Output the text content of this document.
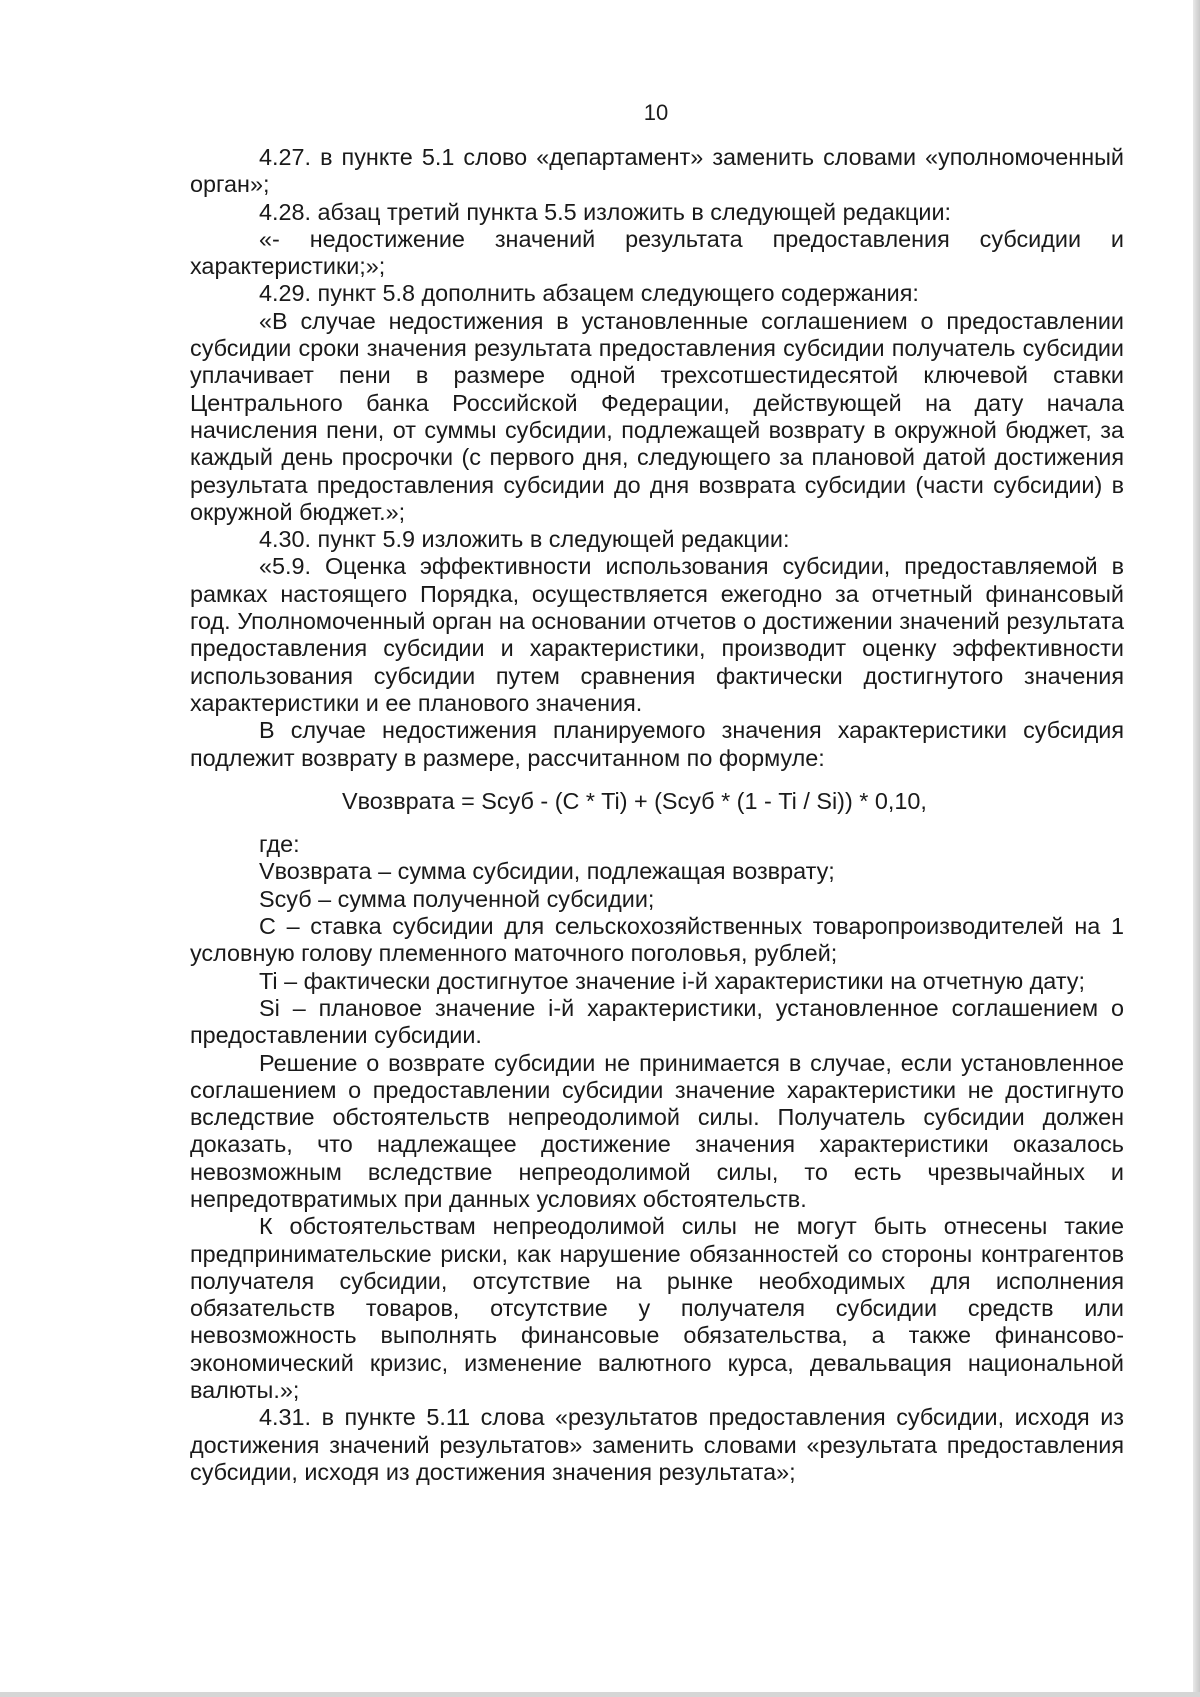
10

4.27. в пункте 5.1 слово «департамент» заменить словами «уполномоченный орган»;

4.28. абзац третий пункта 5.5 изложить в следующей редакции:

«- недостижение значений результата предоставления субсидии и характеристики;»;

4.29. пункт 5.8 дополнить абзацем следующего содержания:

«В случае недостижения в установленные соглашением о предоставлении субсидии сроки значения результата предоставления субсидии получатель субсидии уплачивает пени в размере одной трехсотшестидесятой ключевой ставки Центрального банка Российской Федерации, действующей на дату начала начисления пени, от суммы субсидии, подлежащей возврату в окружной бюджет, за каждый день просрочки (с первого дня, следующего за плановой датой достижения результата предоставления субсидии до дня возврата субсидии (части субсидии) в окружной бюджет.»;

4.30. пункт 5.9 изложить в следующей редакции:

«5.9. Оценка эффективности использования субсидии, предоставляемой в рамках настоящего Порядка, осуществляется ежегодно за отчетный финансовый год. Уполномоченный орган на основании отчетов о достижении значений результата предоставления субсидии и характеристики, производит оценку эффективности использования субсидии путем сравнения фактически достигнутого значения характеристики и ее планового значения.

В случае недостижения планируемого значения характеристики субсидия подлежит возврату в размере, рассчитанном по формуле:

Vвозврата = Sсуб - (C * Ti) + (Sсуб * (1 - Ti / Si)) * 0,10,

где:

Vвозврата – сумма субсидии, подлежащая возврату;

Sсуб – сумма полученной субсидии;

C – ставка субсидии для сельскохозяйственных товаропроизводителей на 1 условную голову племенного маточного поголовья, рублей;

Ti – фактически достигнутое значение i-й характеристики на отчетную дату;

Si – плановое значение i-й характеристики, установленное соглашением о предоставлении субсидии.

Решение о возврате субсидии не принимается в случае, если установленное соглашением о предоставлении субсидии значение характеристики не достигнуто вследствие обстоятельств непреодолимой силы. Получатель субсидии должен доказать, что надлежащее достижение значения характеристики оказалось невозможным вследствие непреодолимой силы, то есть чрезвычайных и непредотвратимых при данных условиях обстоятельств.

К обстоятельствам непреодолимой силы не могут быть отнесены такие предпринимательские риски, как нарушение обязанностей со стороны контрагентов получателя субсидии, отсутствие на рынке необходимых для исполнения обязательств товаров, отсутствие у получателя субсидии средств или невозможность выполнять финансовые обязательства, а также финансово-экономический кризис, изменение валютного курса, девальвация национальной валюты.»;

4.31. в пункте 5.11 слова «результатов предоставления субсидии, исходя из достижения значений результатов» заменить словами «результата предоставления субсидии, исходя из достижения значения результата»;
